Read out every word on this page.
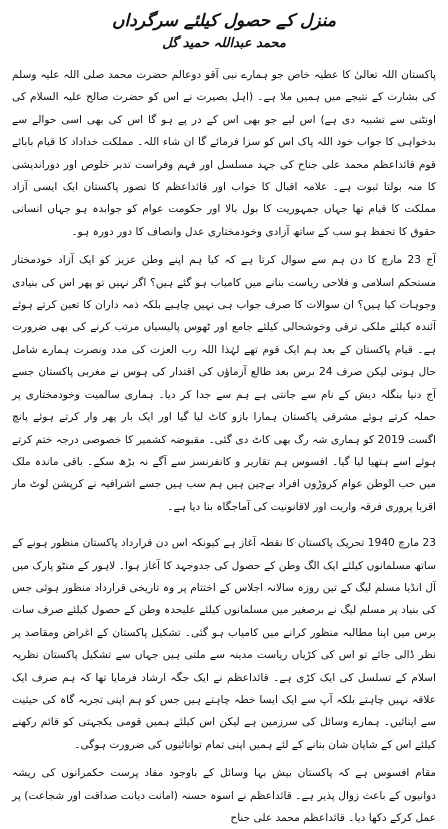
منزل کے حصول کیلئے سرگرداں
محمد عبداللہ حمید گل

پاکستان اللہ تعالیٰ کا عطیہ خاص جو ہمارے نبی آقو دوعالم حضرت محمد صلی اللہ علیہ وسلم کی بشارت کے نتیجے میں ہمیں ملا ہے۔ (اہل بصیرت نے اس کو حضرت صالح علیہ السلام کی اونٹنی سے تشبیہ دی ہے) اس لیے جو بھی اس کے در پے ہو گا اس کی بھی اسی حوالے سے بدخواہی کا جواب خود اللہ پاک اس کو سزا فرمائے گا ان شاء اللہ۔ مملکت خداداد کا قیام بابائے قوم قائداعظم محمد علی جناح کی جہد مسلسل اور فہم وفراست تدبر خلوص اور دوراندیشی کا منہ بولتا ثبوت ہے۔ علامہ اقبال کا خواب اور قائداعظم کا تصور پاکستان ایک ایسی آزاد مملکت کا قیام تھا جہاں جمہوریت کا بول بالا اور حکومت عوام کو جوابدہ ہو جہاں انسانی حقوق کا تحفظ ہو سب کے ساتھ آزادی وخودمختاری عدل وانصاف کا دور دورہ ہو۔

آج 23 مارچ کا دن ہم سے سوال کرتا ہے کہ کیا ہم اپنے وطن عزیز کو ایک آزاد خودمختار مستحکم اسلامی و فلاحی ریاست بنانے میں کامیاب ہو گئے ہیں؟ اگر نہیں تو پھر اس کی بنیادی وجوہات کیا ہیں؟ ان سوالات کا صرف جواب ہی نہیں چاہیے بلکہ ذمہ داران کا تعین کرتے ہوئے آئندہ کیلئے ملکی ترقی وخوشحالی کیلئے جامع اور ٹھوس پالیسیاں مرتب کرنے کی بھی ضرورت ہے۔ قیام پاکستان کے بعد ہم ایک قوم تھے لہٰذا اللہ رب العزت کی مدد ونصرت ہمارے شامل حال ہوتی لیکن صرف 24 برس بعد طالع آزماؤں کی اقتدار کی ہوس نے مغربی پاکستان جسے آج دنیا بنگلہ دیش کے نام سے جانتی ہے ہم سے جدا کر دیا۔ ہماری سالمیت وخودمختاری پر حملہ کرتے ہوئے مشرقی پاکستان ہمارا بازو کاٹ لیا گیا اور ایک بار پھر وار کرتے ہوئے پانچ اگست 2019 کو ہماری شہ رگ بھی کاٹ دی گئی۔ مقبوضہ کشمیر کا خصوصی درجہ ختم کرتے ہوئے اسے ہتھیا لیا گیا۔ افسوس ہم تقاریر و کانفرنسز سے آگے نہ بڑھ سکے۔ باقی ماندہ ملک میں حب الوطن عوام کروڑوں افراد بےچین ہیں ہم سب ہیں جسے اشرافیہ نے کرپشن لوٹ مار اقربا پروری فرقہ واریت اور لاقانونیت کی آماجگاہ بنا دیا ہے۔

23 مارچ 1940 تحریک پاکستان کا نقطہ آغاز ہے کیونکہ اس دن قرارداد پاکستان منظور ہونے کے ساتھ مسلمانوں کیلئے ایک الگ وطن کے حصول کی جدوجہد کا آغاز ہوا۔ لاہور کے منٹو پارک میں آل انڈیا مسلم لیگ کے تین روزہ سالانہ اجلاس کے اختتام پر وہ تاریخی قرارداد منظور ہوئی جس کی بنیاد پر مسلم لیگ نے برصغیر میں مسلمانوں کیلئے علیحدہ وطن کے حصول کیلئے صرف سات برس میں اپنا مطالبہ منظور کرانے میں کامیاب ہو گئی۔ تشکیل پاکستان کے اغراض ومقاصد پر نظر ڈالی جائے تو اس کی کڑیاں ریاست مدینہ سے ملتی ہیں جہاں سے تشکیل پاکستان نظریہ اسلام کے تسلسل کی ایک کڑی ہے۔ قائداعظم نے ایک جگہ ارشاد فرمایا تھا کہ ہم صرف ایک علاقہ نہیں چاہتے بلکہ آپ سے ایک ایسا خطہ چاہتے ہیں جس کو ہم اپنی تجربہ گاہ کی حیثیت سے اپنائیں۔ ہمارے وسائل کی سرزمین ہے لیکن اس کیلئے ہمیں قومی یکجہتی کو قائم رکھنے کیلئے اس کے شایان شان بنانے کے لئے ہمیں اپنی تمام توانائیوں کی ضرورت ہوگی۔

مقام افسوس ہے کہ پاکستان بیش بہا وسائل کے باوجود مفاد پرست حکمرانوں کی ریشہ دوانیوں کے باعث زوال پذیر ہے۔ قائداعظم نے اسوہ حسنہ (امانت دیانت صداقت اور شجاعت) پر عمل کرکے دکھا دیا۔ قائداعظم محمد علی جناح
